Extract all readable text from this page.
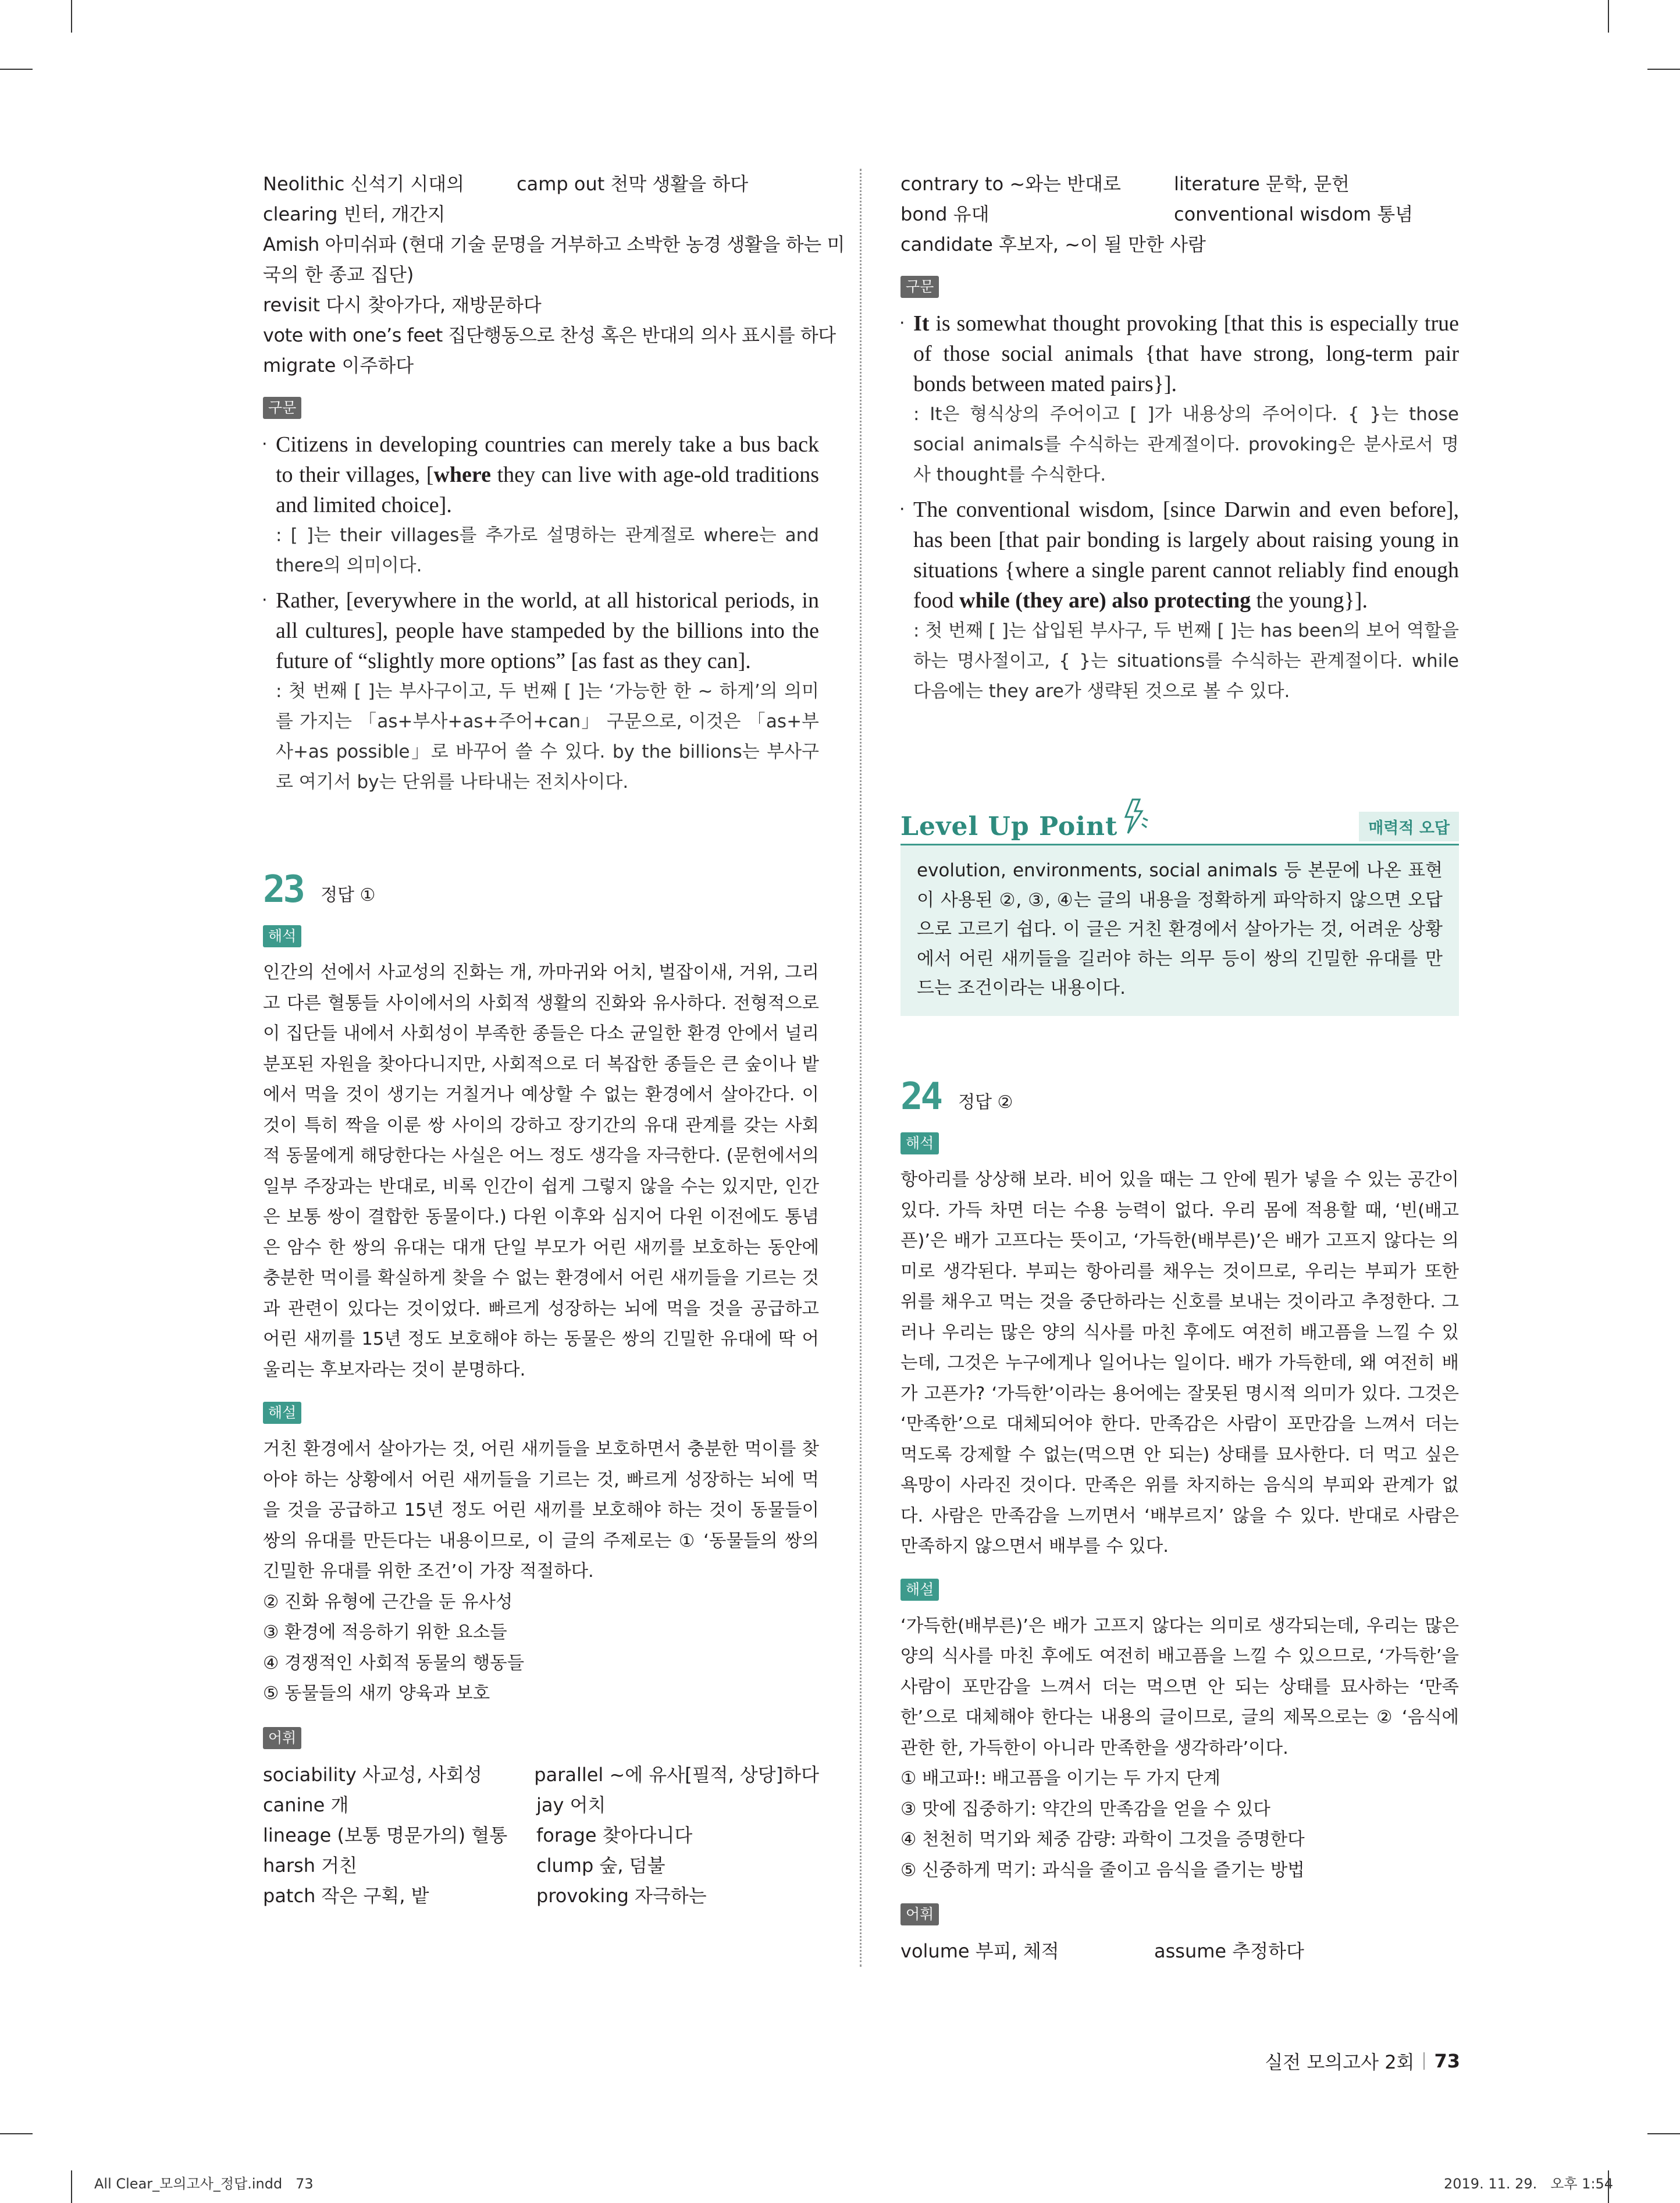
Neolithic 신석기 시대의	camp out 천막 생활을 하다
clearing 빈터, 개간지
Amish 아미쉬파 (현대 기술 문명을 거부하고 소박한 농경 생활을 하는 미
국의 한 종교 집단)
revisit 다시 찾아가다, 재방문하다
vote with one’s feet 집단행동으로 찬성 혹은 반대의 의사 표시를 하다
migrate 이주하다
구문
· Citizens in developing countries can merely take a bus back to their villages, [where they can live with age-old traditions and limited choice].
: [ ]는 their villages를 추가로 설명하는 관계절로 where는 and there의 의미이다.
· Rather, [everywhere in the world, at all historical periods, in all cultures], people have stampeded by the billions into the future of “slightly more options” [as fast as they can].
: 첫 번째 [ ]는 부사구이고, 두 번째 [ ]는 ‘가능한 한 ~ 하게’의 의미를 가지는 「as+부사+as+주어+can」 구문으로, 이것은 「as+부사+as possible」로 바꾸어 쓸 수 있다. by the billions는 부사구로 여기서 by는 단위를 나타내는 전치사이다.
23 정답 ①
해석
인간의 선에서 사교성의 진화는 개, 까마귀와 어치, 벌잡이새, 거위, 그리고 다른 혈통들 사이에서의 사회적 생활의 진화와 유사하다. 전형적으로 이 집단들 내에서 사회성이 부족한 종들은 다소 균일한 환경 안에서 널리 분포된 자원을 찾아다니지만, 사회적으로 더 복잡한 종들은 큰 숲이나 밭에서 먹을 것이 생기는 거칠거나 예상할 수 없는 환경에서 살아간다. 이것이 특히 짝을 이룬 쌍 사이의 강하고 장기간의 유대 관계를 갖는 사회적 동물에게 해당한다는 사실은 어느 정도 생각을 자극한다. (문헌에서의 일부 주장과는 반대로, 비록 인간이 쉽게 그렇지 않을 수는 있지만, 인간은 보통 쌍이 결합한 동물이다.) 다윈 이후와 심지어 다윈 이전에도 통념은 암수 한 쌍의 유대는 대개 단일 부모가 어린 새끼를 보호하는 동안에 충분한 먹이를 확실하게 찾을 수 없는 환경에서 어린 새끼들을 기르는 것과 관련이 있다는 것이었다. 빠르게 성장하는 뇌에 먹을 것을 공급하고 어린 새끼를 15년 정도 보호해야 하는 동물은 쌍의 긴밀한 유대에 딱 어울리는 후보자라는 것이 분명하다.
해설
거친 환경에서 살아가는 것, 어린 새끼들을 보호하면서 충분한 먹이를 찾아야 하는 상황에서 어린 새끼들을 기르는 것, 빠르게 성장하는 뇌에 먹을 것을 공급하고 15년 정도 어린 새끼를 보호해야 하는 것이 동물들이 쌍의 유대를 만든다는 내용이므로, 이 글의 주제로는 ① ‘동물들의 쌍의 긴밀한 유대를 위한 조건’이 가장 적절하다.
② 진화 유형에 근간을 둔 유사성
③ 환경에 적응하기 위한 요소들
④ 경쟁적인 사회적 동물의 행동들
⑤ 동물들의 새끼 양육과 보호
어휘
sociability 사교성, 사회성	parallel ~에 유사[필적, 상당]하다
canine 개	jay 어치
lineage (보통 명문가의) 혈통	forage 찾아다니다
harsh 거친	clump 숲, 덤불
patch 작은 구획, 밭	provoking 자극하는
contrary to ~와는 반대로	literature 문학, 문헌
bond 유대	conventional wisdom 통념
candidate 후보자, ~이 될 만한 사람
구문
· It is somewhat thought provoking [that this is especially true of those social animals {that have strong, long-term pair bonds between mated pairs}].
: It은 형식상의 주어이고 [ ]가 내용상의 주어이다. { }는 those social animals를 수식하는 관계절이다. provoking은 분사로서 명사 thought를 수식한다.
· The conventional wisdom, [since Darwin and even before], has been [that pair bonding is largely about raising young in situations {where a single parent cannot reliably find enough food while (they are) also protecting the young}].
: 첫 번째 [ ]는 삽입된 부사구, 두 번째 [ ]는 has been의 보어 역할을 하는 명사절이고, { }는 situations를 수식하는 관계절이다. while 다음에는 they are가 생략된 것으로 볼 수 있다.
Level Up Point	매력적 오답
evolution, environments, social animals 등 본문에 나온 표현이 사용된 ②, ③, ④는 글의 내용을 정확하게 파악하지 않으면 오답으로 고르기 쉽다. 이 글은 거친 환경에서 살아가는 것, 어려운 상황에서 어린 새끼들을 길러야 하는 의무 등이 쌍의 긴밀한 유대를 만드는 조건이라는 내용이다.
24 정답 ②
해석
항아리를 상상해 보라. 비어 있을 때는 그 안에 뭔가 넣을 수 있는 공간이 있다. 가득 차면 더는 수용 능력이 없다. 우리 몸에 적용할 때, ‘빈(배고픈)’은 배가 고프다는 뜻이고, ‘가득한(배부른)’은 배가 고프지 않다는 의미로 생각된다. 부피는 항아리를 채우는 것이므로, 우리는 부피가 또한 위를 채우고 먹는 것을 중단하라는 신호를 보내는 것이라고 추정한다. 그러나 우리는 많은 양의 식사를 마친 후에도 여전히 배고픔을 느낄 수 있는데, 그것은 누구에게나 일어나는 일이다. 배가 가득한데, 왜 여전히 배가 고픈가? ‘가득한’이라는 용어에는 잘못된 명시적 의미가 있다. 그것은 ‘만족한’으로 대체되어야 한다. 만족감은 사람이 포만감을 느껴서 더는 먹도록 강제할 수 없는(먹으면 안 되는) 상태를 묘사한다. 더 먹고 싶은 욕망이 사라진 것이다. 만족은 위를 차지하는 음식의 부피와 관계가 없다. 사람은 만족감을 느끼면서 ‘배부르지’ 않을 수 있다. 반대로 사람은 만족하지 않으면서 배부를 수 있다.
해설
‘가득한(배부른)’은 배가 고프지 않다는 의미로 생각되는데, 우리는 많은 양의 식사를 마친 후에도 여전히 배고픔을 느낄 수 있으므로, ‘가득한’을 사람이 포만감을 느껴서 더는 먹으면 안 되는 상태를 묘사하는 ‘만족한’으로 대체해야 한다는 내용의 글이므로, 글의 제목으로는 ② ‘음식에 관한 한, 가득한이 아니라 만족한을 생각하라’이다.
① 배고파!: 배고픔을 이기는 두 가지 단계
③ 맛에 집중하기: 약간의 만족감을 얻을 수 있다
④ 천천히 먹기와 체중 감량: 과학이 그것을 증명한다
⑤ 신중하게 먹기: 과식을 줄이고 음식을 즐기는 방법
어휘
volume 부피, 체적	assume 추정하다
실전 모의고사 2회 73
All Clear_모의고사_정답.indd   73	2019. 11. 29.   오후 1:54
